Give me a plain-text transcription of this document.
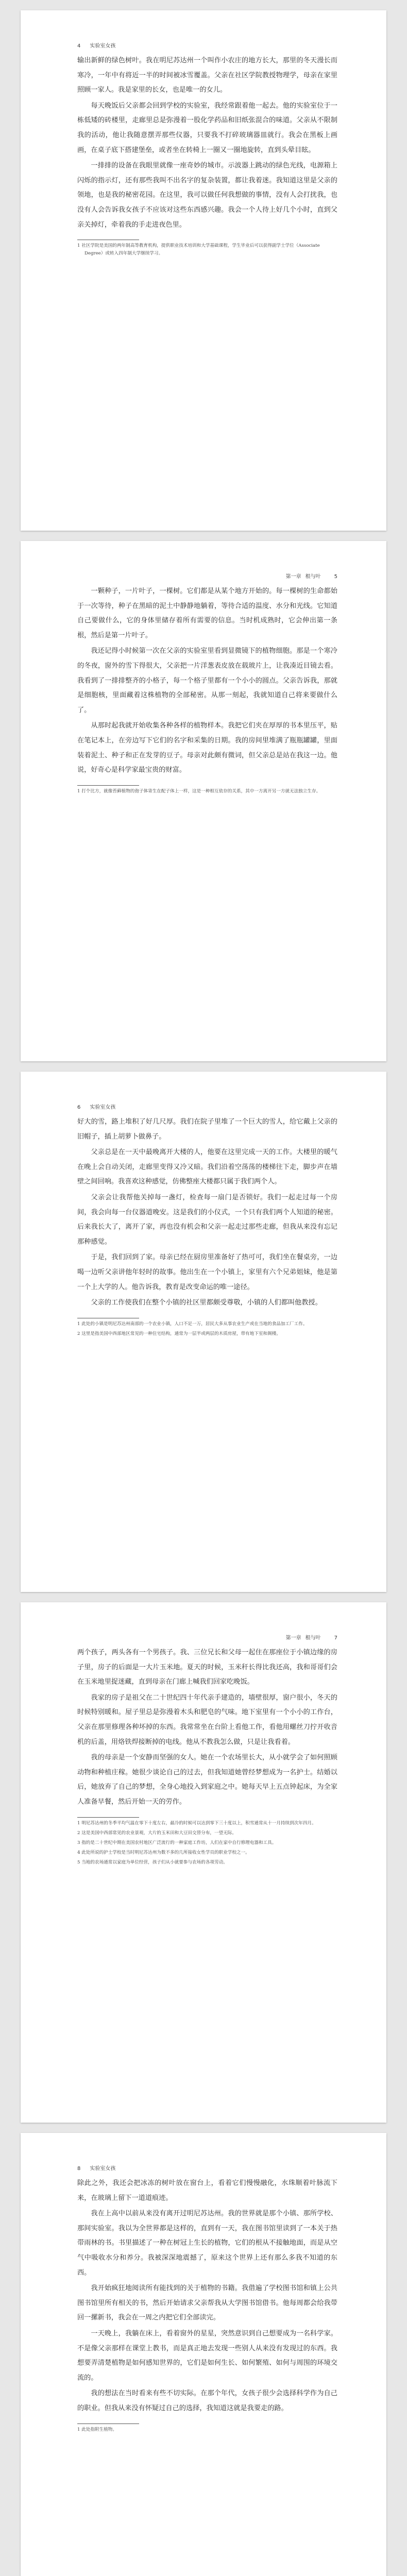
4 实验室女孩

输出新鲜的绿色树叶。我在明尼苏达州一个叫作小农庄的地方长大，那里的冬天漫长而寒冷，一年中有将近一半的时间被冰雪覆盖。父亲在社区学院教授物理学，母亲在家里照顾一家人。我是家里的长女，也是唯一的女儿。

每天晚饭后父亲都会回到学校的实验室，我经常跟着他一起去。他的实验室位于一栋低矮的砖楼里，走廊里总是弥漫着一股化学药品和旧纸张混合的味道。父亲从不限制我的活动，他让我随意摆弄那些仪器，只要我不打碎玻璃器皿就行。我会在黑板上画画，在桌子底下搭建堡垒，或者坐在转椅上一圈又一圈地旋转，直到头晕目眩。

一排排的设备在我眼里就像一座奇妙的城市。示波器上跳动的绿色光线，电源箱上闪烁的指示灯，还有那些我叫不出名字的复杂装置，都让我着迷。我知道这里是父亲的领地，也是我的秘密花园。在这里，我可以做任何我想做的事情，没有人会打扰我，也没有人会告诉我女孩子不应该对这些东西感兴趣。我会一个人待上好几个小时，直到父亲关掉灯，牵着我的手走进夜色里。

1 社区学院是美国的两年制高等教育机构，提供职业技术培训和大学基础课程，学生毕业后可以获得副学士学位（Associate Degree）或转入四年制大学继续学习。

第一章 根与叶	5

一颗种子，一片叶子，一棵树。它们都是从某个地方开始的。每一棵树的生命都始于一次等待，种子在黑暗的泥土中静静地躺着，等待合适的温度、水分和光线。它知道自己要做什么，它的身体里储存着所有需要的信息。当时机成熟时，它会伸出第一条根，然后是第一片叶子。

我还记得小时候第一次在父亲的实验室里看到显微镜下的植物细胞。那是一个寒冷的冬夜，窗外的雪下得很大，父亲把一片洋葱表皮放在载玻片上，让我凑近目镜去看。我看到了一排排整齐的小格子，每一个格子里都有一个小小的圆点。父亲告诉我，那就是细胞核，里面藏着这株植物的全部秘密。从那一刻起，我就知道自己将来要做什么了。

从那时起我就开始收集各种各样的植物样本。我把它们夹在厚厚的书本里压平，贴在笔记本上，在旁边写下它们的名字和采集的日期。我的房间里堆满了瓶瓶罐罐，里面装着泥土、种子和正在发芽的豆子。母亲对此颇有微词，但父亲总是站在我这一边。他说，好奇心是科学家最宝贵的财富。

1 打个比方，就像苔藓植物的孢子体寄生在配子体上一样，这是一种相互依存的关系，其中一方离开另一方就无法独立生存。

6 实验室女孩

好大的雪，路上堆积了好几尺厚。我们在院子里堆了一个巨大的雪人，给它戴上父亲的旧帽子，插上胡萝卜做鼻子。

父亲总是在一天中最晚离开大楼的人，他要在这里完成一天的工作。大楼里的暖气在晚上会自动关闭，走廊里变得又冷又暗。我们沿着空荡荡的楼梯往下走，脚步声在墙壁之间回响。我喜欢这种感觉，仿佛整座大楼都只属于我们两个人。

父亲会让我帮他关掉每一盏灯，检查每一扇门是否锁好。我们一起走过每一个房间，我会向每一台仪器道晚安。这是我们的小仪式，一个只有我们两个人知道的秘密。后来我长大了，离开了家，再也没有机会和父亲一起走过那些走廊，但我从来没有忘记那种感觉。

于是，我们回到了家。母亲已经在厨房里准备好了热可可，我们坐在餐桌旁，一边喝一边听父亲讲他年轻时的故事。他出生在一个小镇上，家里有六个兄弟姐妹，他是第一个上大学的人。他告诉我，教育是改变命运的唯一途径。

父亲的工作使我们在整个小镇的社区里都颇受尊敬，小镇的人们都叫他教授。

1 此处的小镇是明尼苏达州南部的一个农业小镇，人口不足一万，居民大多从事农业生产或在当地的食品加工厂工作。

2 这里是指美国中西部地区常见的一种住宅结构，通常为一层半或两层的木质房屋，带有地下室和阁楼。

第一章 根与叶	7

两个孩子，两头各有一个男孩子。我、三位兄长和父母一起住在那座位于小镇边缘的房子里，房子的后面是一大片玉米地。夏天的时候，玉米秆长得比我还高，我和哥哥们会在玉米地里捉迷藏，直到母亲在门廊上喊我们回家吃晚饭。

我家的房子是祖父在二十世纪四十年代亲手建造的，墙壁很厚，窗户很小，冬天的时候特别暖和。屋子里总是弥漫着木头和肥皂的气味。地下室里有一个小小的工作台，父亲在那里修理各种坏掉的东西。我常常坐在台阶上看他工作，看他用螺丝刀拧开收音机的后盖，用烙铁焊接断掉的电线。他从不教我怎么做，只是让我看着。

我的母亲是一个安静而坚强的女人。她在一个农场里长大，从小就学会了如何照顾动物和种植庄稼。她很少谈论自己的过去，但我知道她曾经梦想成为一名护士。结婚以后，她放弃了自己的梦想，全身心地投入到家庭之中。她每天早上五点钟起床，为全家人准备早餐，然后开始一天的劳作。

1 明尼苏达州的冬季平均气温在零下十度左右，最冷的时候可以达到零下三十度以上，积雪通常从十一月持续到次年四月。

2 这是美国中西部常见的农业景观，大片的玉米田和大豆田交替分布，一望无际。

3 指的是二十世纪中期在美国农村地区广泛流行的一种家庭工作坊，人们在家中自行修理电器和工具。

4 此处所说的护士学校是当时明尼苏达州为数不多的几所接收女性学员的职业学校之一。

5 当地的农场通常以家庭为单位经营，孩子们从小就要参与农场的各项劳动。

8 实验室女孩

除此之外，我还会把冰冻的树叶放在窗台上，看着它们慢慢融化，水珠顺着叶脉流下来，在玻璃上留下一道道痕迹。

我在上高中以前从来没有离开过明尼苏达州。我的世界就是那个小镇、那所学校、那间实验室。我以为全世界都是这样的，直到有一天，我在图书馆里读到了一本关于热带雨林的书。书里描述了一种在树冠上生长的植物，它们的根从不接触地面，而是从空气中吸收水分和养分。我被深深地震撼了，原来这个世界上还有那么多我不知道的东西。

我开始疯狂地阅读所有能找到的关于植物的书籍。我借遍了学校图书馆和镇上公共图书馆里所有相关的书，然后开始请求父亲帮我从大学图书馆借书。他每周都会给我带回一摞新书，我会在一周之内把它们全部读完。

一天晚上，我躺在床上，看着窗外的星星，突然意识到自己想要成为一名科学家。不是像父亲那样在课堂上教书，而是真正地去发现一些别人从来没有发现过的东西。我想要弄清楚植物是如何感知世界的，它们是如何生长、如何繁殖、如何与周围的环境交流的。

我的想法在当时看来有些不切实际。在那个年代，女孩子很少会选择科学作为自己的职业。但我从来没有怀疑过自己的选择，我知道这就是我要走的路。

1 此处指附生植物。
